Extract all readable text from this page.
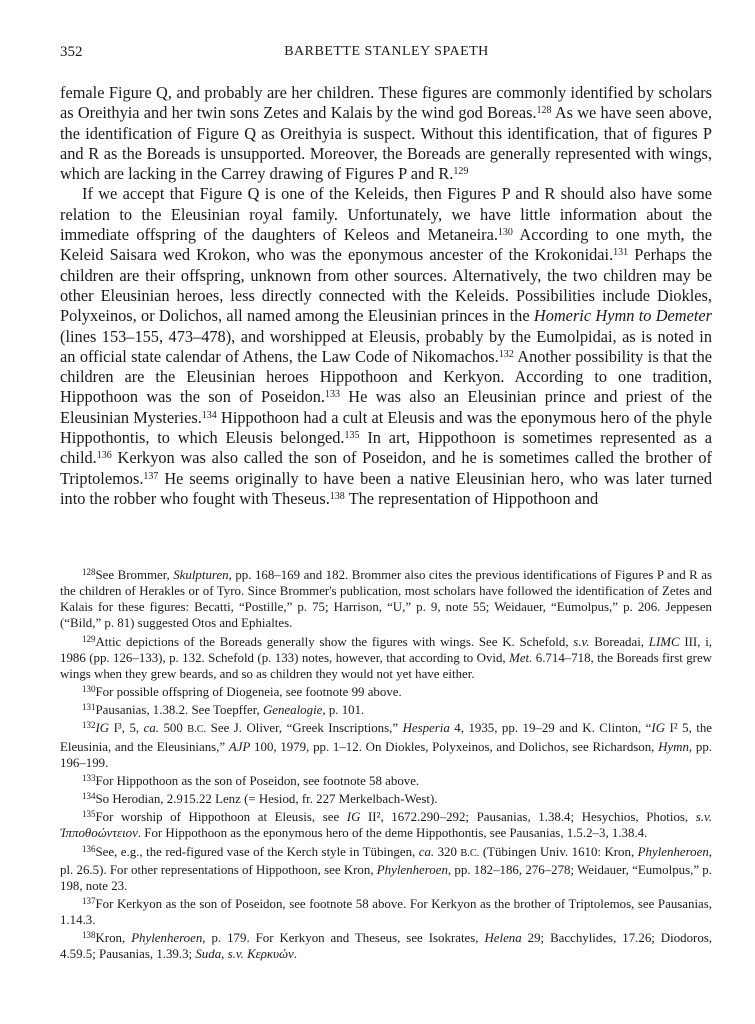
352	BARBETTE STANLEY SPAETH

female Figure Q, and probably are her children. These figures are commonly identified by scholars as Oreithyia and her twin sons Zetes and Kalais by the wind god Boreas.$^{128}$ As we have seen above, the identification of Figure Q as Oreithyia is suspect. Without this identification, that of figures P and R as the Boreads is unsupported. Moreover, the Boreads are generally represented with wings, which are lacking in the Carrey drawing of Figures P and R.$^{129}$

If we accept that Figure Q is one of the Keleids, then Figures P and R should also have some relation to the Eleusinian royal family. Unfortunately, we have little information about the immediate offspring of the daughters of Keleos and Metaneira.$^{130}$ According to one myth, the Keleid Saisara wed Krokon, who was the eponymous ancester of the Krokonidai.$^{131}$ Perhaps the children are their offspring, unknown from other sources. Alternatively, the two children may be other Eleusinian heroes, less directly connected with the Keleids. Possibilities include Diokles, Polyxeinos, or Dolichos, all named among the Eleusinian princes in the Homeric Hymn to Demeter (lines 153–155, 473–478), and worshipped at Eleusis, probably by the Eumolpidai, as is noted in an official state calendar of Athens, the Law Code of Nikomachos.$^{132}$ Another possibility is that the children are the Eleusinian heroes Hippothoon and Kerkyon. According to one tradition, Hippothoon was the son of Poseidon.$^{133}$ He was also an Eleusinian prince and priest of the Eleusinian Mysteries.$^{134}$ Hippothoon had a cult at Eleusis and was the eponymous hero of the phyle Hippothontis, to which Eleusis belonged.$^{135}$ In art, Hippothoon is sometimes represented as a child.$^{136}$ Kerkyon was also called the son of Poseidon, and he is sometimes called the brother of Triptolemos.$^{137}$ He seems originally to have been a native Eleusinian hero, who was later turned into the robber who fought with Theseus.$^{138}$ The representation of Hippothoon and

$^{128}$See Brommer, Skulpturen, pp. 168–169 and 182. Brommer also cites the previous identifications of Figures P and R as the children of Herakles or of Tyro. Since Brommer's publication, most scholars have followed the identification of Zetes and Kalais for these figures: Becatti, “Postille,” p. 75; Harrison, “U,” p. 9, note 55; Weidauer, “Eumolpus,” p. 206. Jeppesen (“Bild,” p. 81) suggested Otos and Ephialtes.

$^{129}$Attic depictions of the Boreads generally show the figures with wings. See K. Schefold, s.v. Boreadai, LIMC III, i, 1986 (pp. 126–133), p. 132. Schefold (p. 133) notes, however, that according to Ovid, Met. 6.714–718, the Boreads first grew wings when they grew beards, and so as children they would not yet have either.

$^{130}$For possible offspring of Diogeneia, see footnote 99 above.

$^{131}$Pausanias, 1.38.2. See Toepffer, Genealogie, p. 101.

$^{132}$IG I³, 5, ca. 500 B.C. See J. Oliver, “Greek Inscriptions,” Hesperia 4, 1935, pp. 19–29 and K. Clinton, “IG I² 5, the Eleusinia, and the Eleusinians,” AJP 100, 1979, pp. 1–12. On Diokles, Polyxeinos, and Dolichos, see Richardson, Hymn, pp. 196–199.

$^{133}$For Hippothoon as the son of Poseidon, see footnote 58 above.

$^{134}$So Herodian, 2.915.22 Lenz (= Hesiod, fr. 227 Merkelbach-West).

$^{135}$For worship of Hippothoon at Eleusis, see IG II², 1672.290–292; Pausanias, 1.38.4; Hesychios, Photios, s.v. Ἱπποθοώντειον. For Hippothoon as the eponymous hero of the deme Hippothontis, see Pausanias, 1.5.2–3, 1.38.4.

$^{136}$See, e.g., the red-figured vase of the Kerch style in Tübingen, ca. 320 B.C. (Tübingen Univ. 1610: Kron, Phylenheroen, pl. 26.5). For other representations of Hippothoon, see Kron, Phylenheroen, pp. 182–186, 276–278; Weidauer, “Eumolpus,” p. 198, note 23.

$^{137}$For Kerkyon as the son of Poseidon, see footnote 58 above. For Kerkyon as the brother of Triptolemos, see Pausanias, 1.14.3.

$^{138}$Kron, Phylenheroen, p. 179. For Kerkyon and Theseus, see Isokrates, Helena 29; Bacchylides, 17.26; Diodoros, 4.59.5; Pausanias, 1.39.3; Suda, s.v. Κερκυών.
